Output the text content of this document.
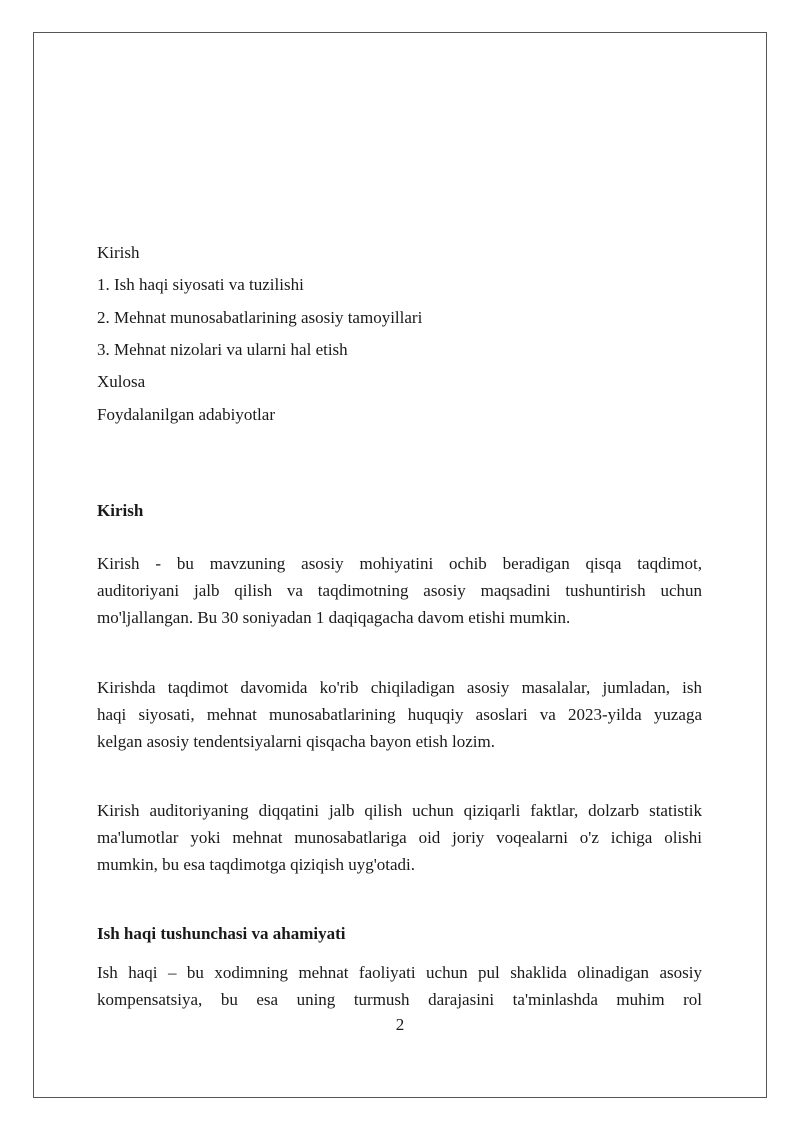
Kirish
1. Ish haqi siyosati va tuzilishi
2. Mehnat munosabatlarining asosiy tamoyillari
3. Mehnat nizolari va ularni hal etish
Xulosa
Foydalanilgan adabiyotlar
Kirish
Kirish - bu mavzuning asosiy mohiyatini ochib beradigan qisqa taqdimot,
auditoriyani jalb qilish va taqdimotning asosiy maqsadini tushuntirish uchun
mo'ljallangan. Bu 30 soniyadan 1 daqiqagacha davom etishi mumkin.
Kirishda taqdimot davomida ko'rib chiqiladigan asosiy masalalar, jumladan, ish
haqi siyosati, mehnat munosabatlarining huquqiy asoslari va 2023-yilda yuzaga
kelgan asosiy tendentsiyalarni qisqacha bayon etish lozim.
Kirish auditoriyaning diqqatini jalb qilish uchun qiziqarli faktlar, dolzarb statistik
ma'lumotlar yoki mehnat munosabatlariga oid joriy voqealarni o'z ichiga olishi
mumkin, bu esa taqdimotga qiziqish uyg'otadi.
Ish haqi tushunchasi va ahamiyati
Ish haqi – bu xodimning mehnat faoliyati uchun pul shaklida olinadigan asosiy
kompensatsiya, bu esa uning turmush darajasini ta'minlashda muhim rol
2
